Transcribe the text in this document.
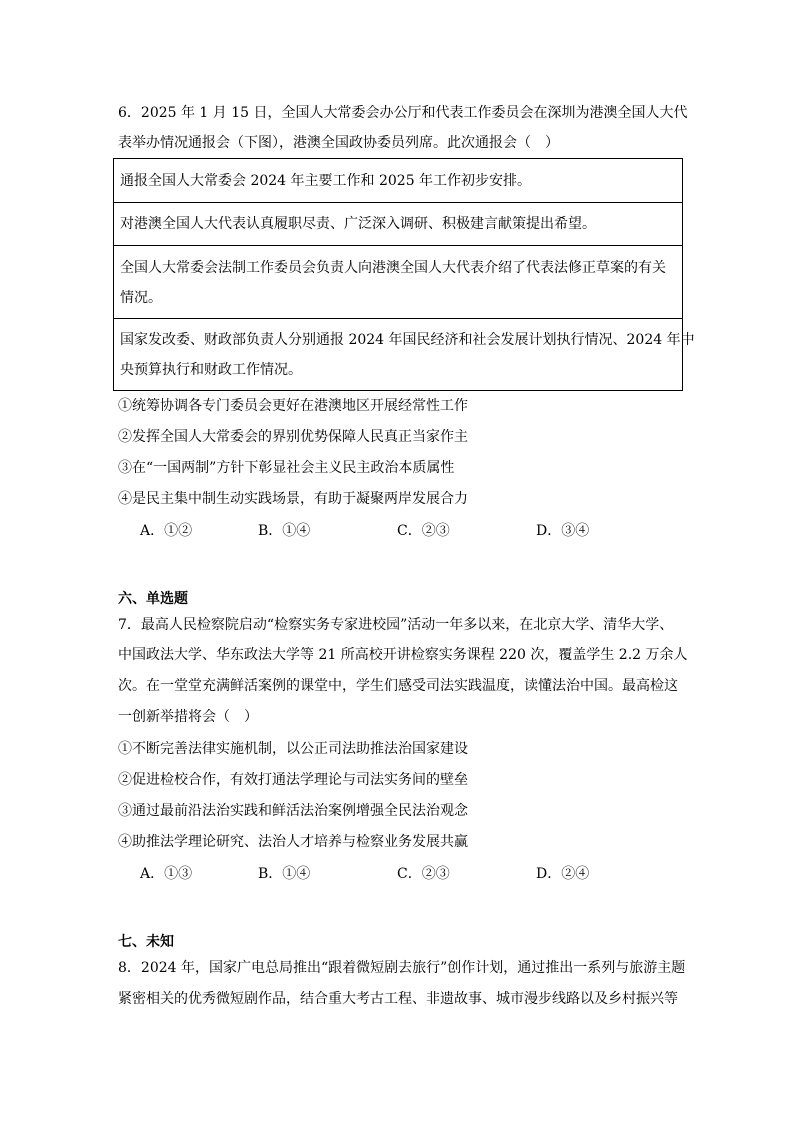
6．2025 年 1 月 15 日，全国人大常委会办公厅和代表工作委员会在深圳为港澳全国人大代
表举办情况通报会（下图），港澳全国政协委员列席。此次通报会（　）
通报全国人大常委会 2024 年主要工作和 2025 年工作初步安排。
对港澳全国人大代表认真履职尽责、广泛深入调研、积极建言献策提出希望。
全国人大常委会法制工作委员会负责人向港澳全国人大代表介绍了代表法修正草案的有关
情况。
国家发改委、财政部负责人分别通报 2024 年国民经济和社会发展计划执行情况、2024 年中
央预算执行和财政工作情况。
①统筹协调各专门委员会更好在港澳地区开展经常性工作
②发挥全国人大常委会的界别优势保障人民真正当家作主
③在“一国两制”方针下彰显社会主义民主政治本质属性
④是民主集中制生动实践场景，有助于凝聚两岸发展合力
A．①②	B．①④	C．②③	D．③④
六、单选题
7．最高人民检察院启动“检察实务专家进校园”活动一年多以来，在北京大学、清华大学、
中国政法大学、华东政法大学等 21 所高校开讲检察实务课程 220 次，覆盖学生 2.2 万余人
次。在一堂堂充满鲜活案例的课堂中，学生们感受司法实践温度，读懂法治中国。最高检这
一创新举措将会（　）
①不断完善法律实施机制，以公正司法助推法治国家建设
②促进检校合作，有效打通法学理论与司法实务间的壁垒
③通过最前沿法治实践和鲜活法治案例增强全民法治观念
④助推法学理论研究、法治人才培养与检察业务发展共赢
A．①③	B．①④	C．②③	D．②④
七、未知
8．2024 年，国家广电总局推出“跟着微短剧去旅行”创作计划，通过推出一系列与旅游主题
紧密相关的优秀微短剧作品，结合重大考古工程、非遗故事、城市漫步线路以及乡村振兴等
